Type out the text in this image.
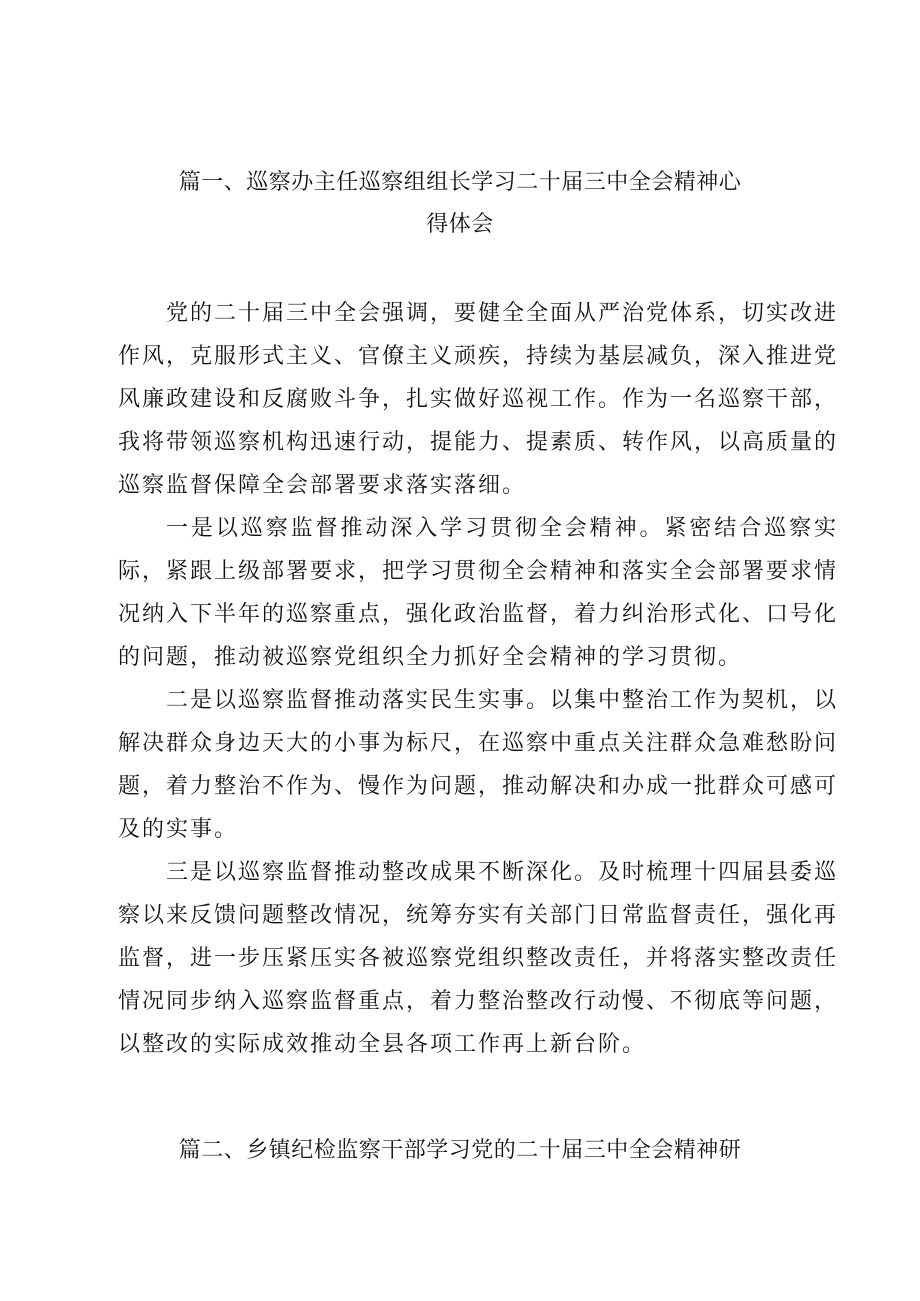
篇一、巡察办主任巡察组组长学习二十届三中全会精神心
得体会

党的二十届三中全会强调，要健全全面从严治党体系，切实改进作风，克服形式主义、官僚主义顽疾，持续为基层减负，深入推进党风廉政建设和反腐败斗争，扎实做好巡视工作。作为一名巡察干部，我将带领巡察机构迅速行动，提能力、提素质、转作风，以高质量的巡察监督保障全会部署要求落实落细。

一是以巡察监督推动深入学习贯彻全会精神。紧密结合巡察实际，紧跟上级部署要求，把学习贯彻全会精神和落实全会部署要求情况纳入下半年的巡察重点，强化政治监督，着力纠治形式化、口号化的问题，推动被巡察党组织全力抓好全会精神的学习贯彻。

二是以巡察监督推动落实民生实事。以集中整治工作为契机，以解决群众身边天大的小事为标尺，在巡察中重点关注群众急难愁盼问题，着力整治不作为、慢作为问题，推动解决和办成一批群众可感可及的实事。

三是以巡察监督推动整改成果不断深化。及时梳理十四届县委巡察以来反馈问题整改情况，统筹夯实有关部门日常监督责任，强化再监督，进一步压紧压实各被巡察党组织整改责任，并将落实整改责任情况同步纳入巡察监督重点，着力整治整改行动慢、不彻底等问题，以整改的实际成效推动全县各项工作再上新台阶。

篇二、乡镇纪检监察干部学习党的二十届三中全会精神研
